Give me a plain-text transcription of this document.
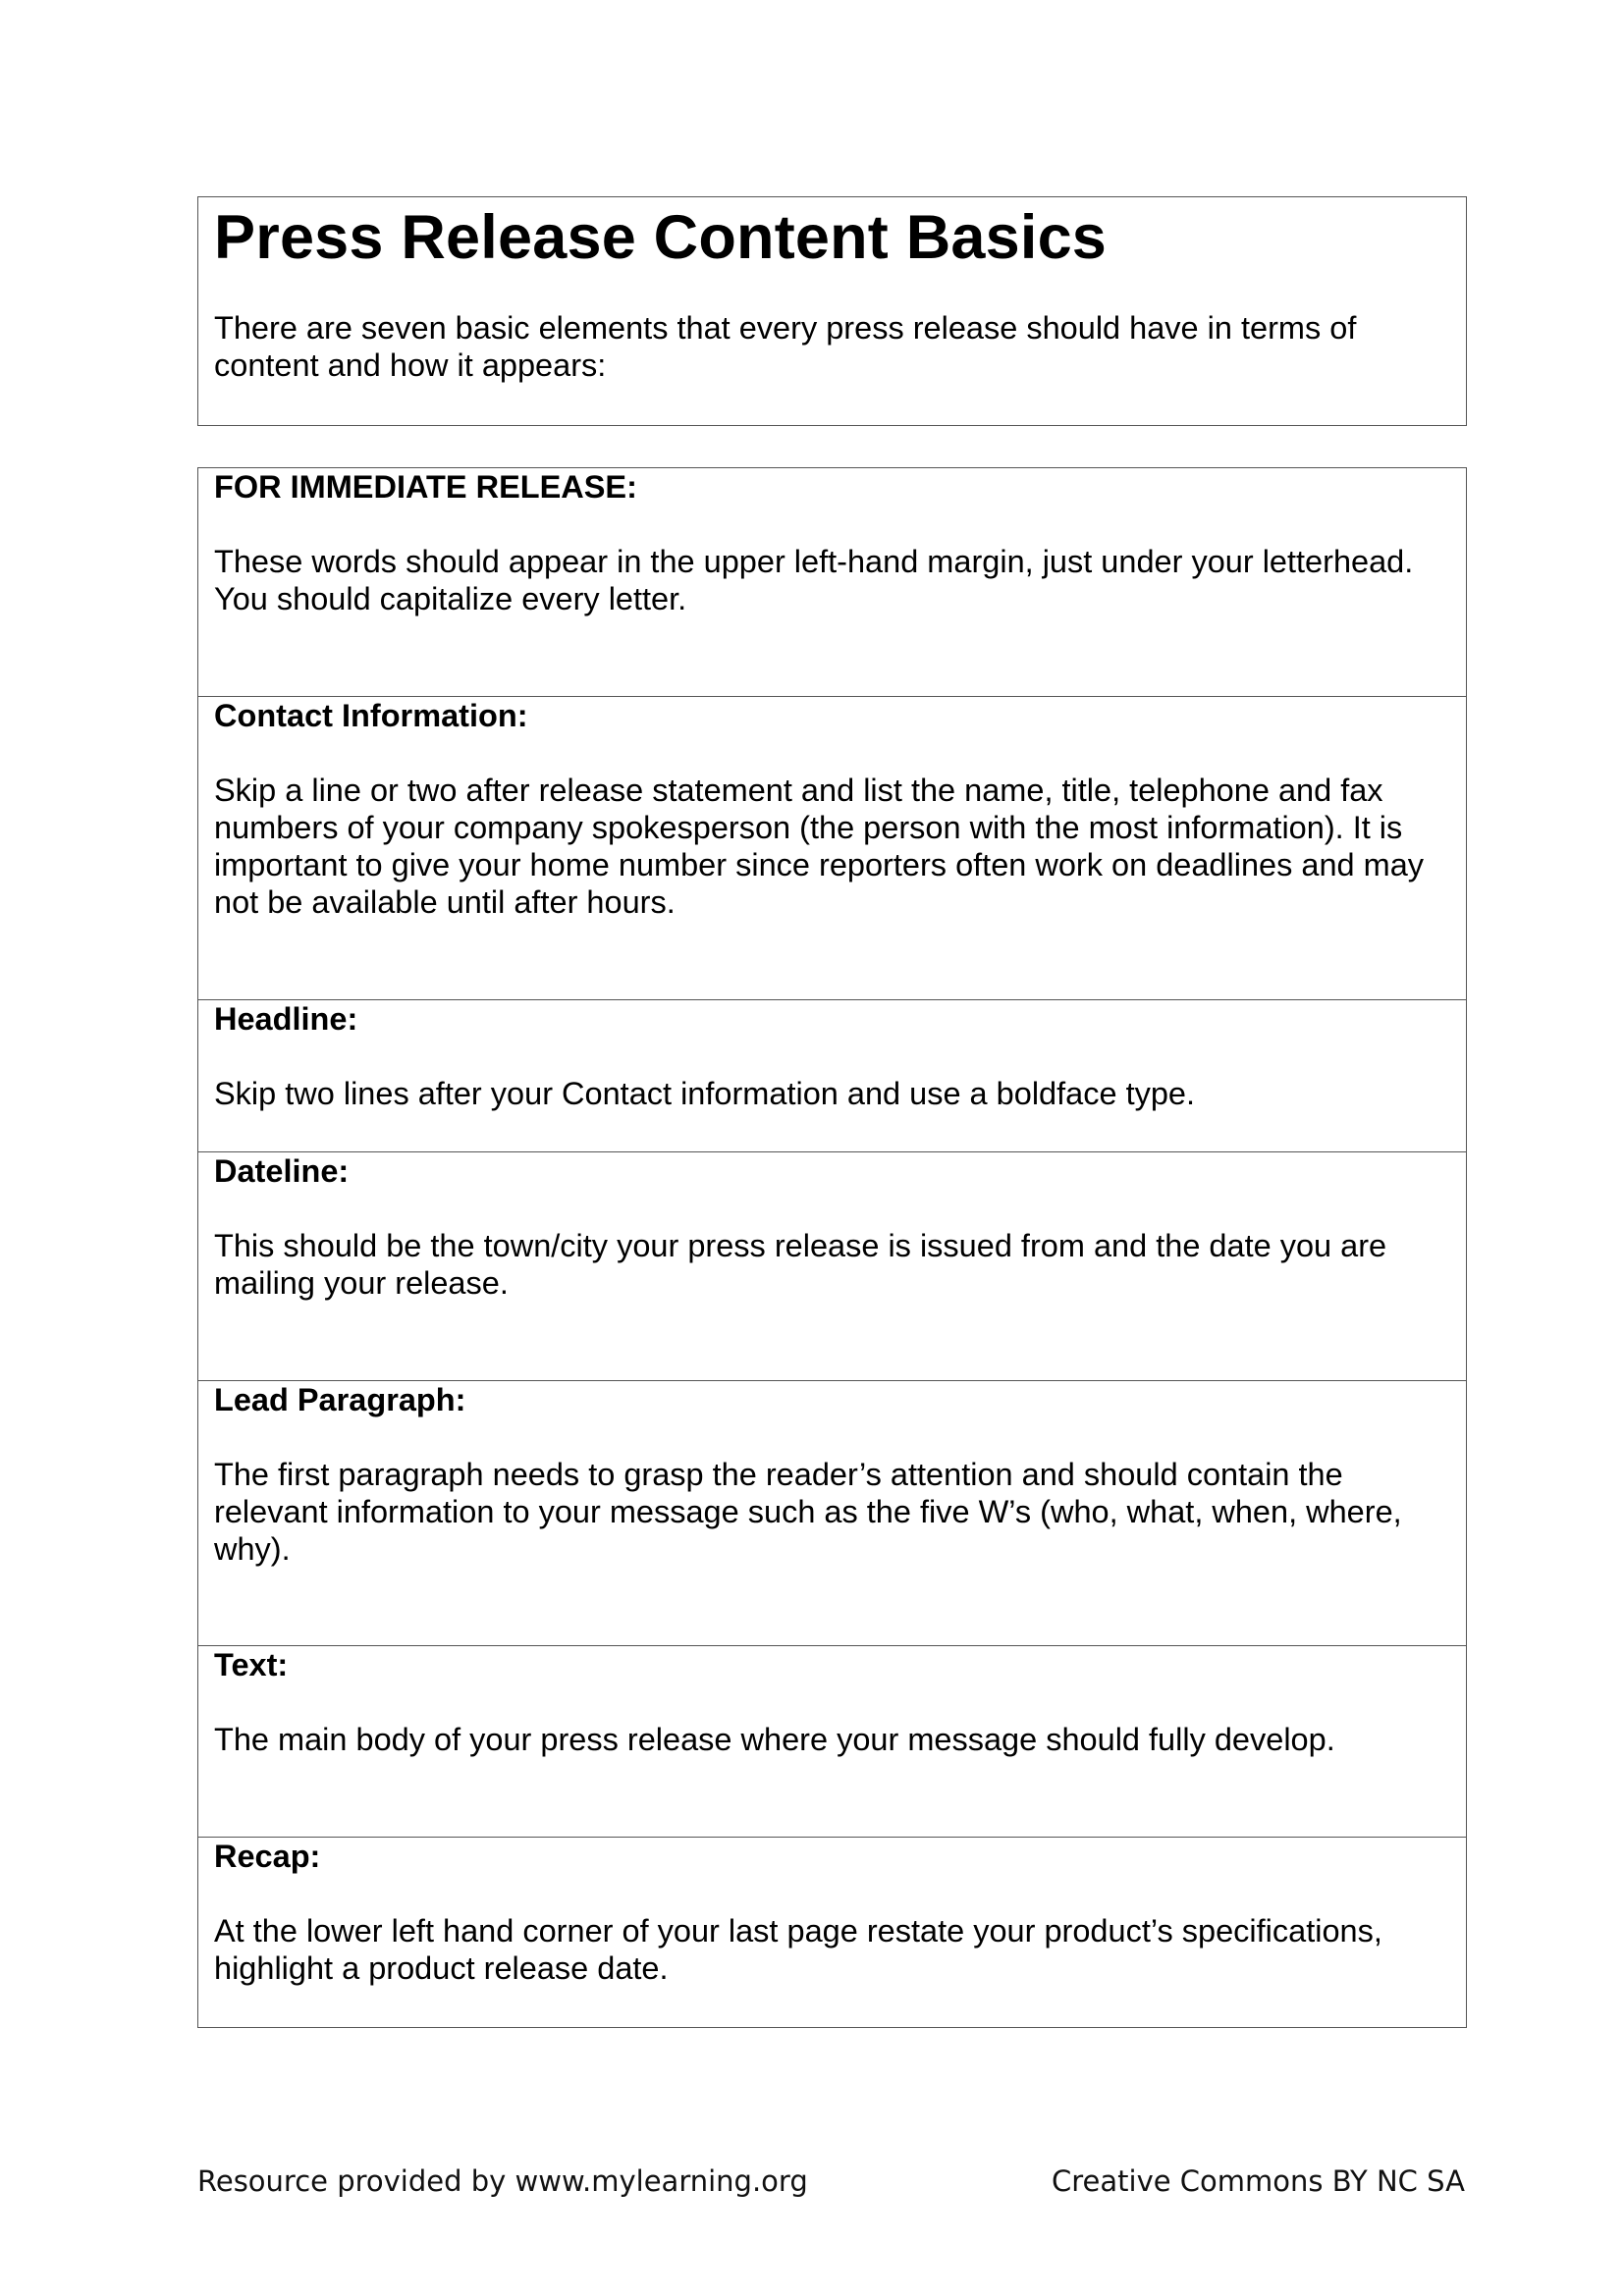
Press Release Content Basics

There are seven basic elements that every press release should have in terms of content and how it appears:

FOR IMMEDIATE RELEASE:

These words should appear in the upper left-hand margin, just under your letterhead. You should capitalize every letter.

Contact Information:

Skip a line or two after release statement and list the name, title, telephone and fax numbers of your company spokesperson (the person with the most information). It is important to give your home number since reporters often work on deadlines and may not be available until after hours.

Headline:

Skip two lines after your Contact information and use a boldface type.

Dateline:

This should be the town/city your press release is issued from and the date you are mailing your release.

Lead Paragraph:

The first paragraph needs to grasp the reader’s attention and should contain the relevant information to your message such as the five W’s (who, what, when, where, why).

Text:

The main body of your press release where your message should fully develop.

Recap:

At the lower left hand corner of your last page restate your product’s specifications, highlight a product release date.

Resource provided by www.mylearning.org	Creative Commons BY NC SA
